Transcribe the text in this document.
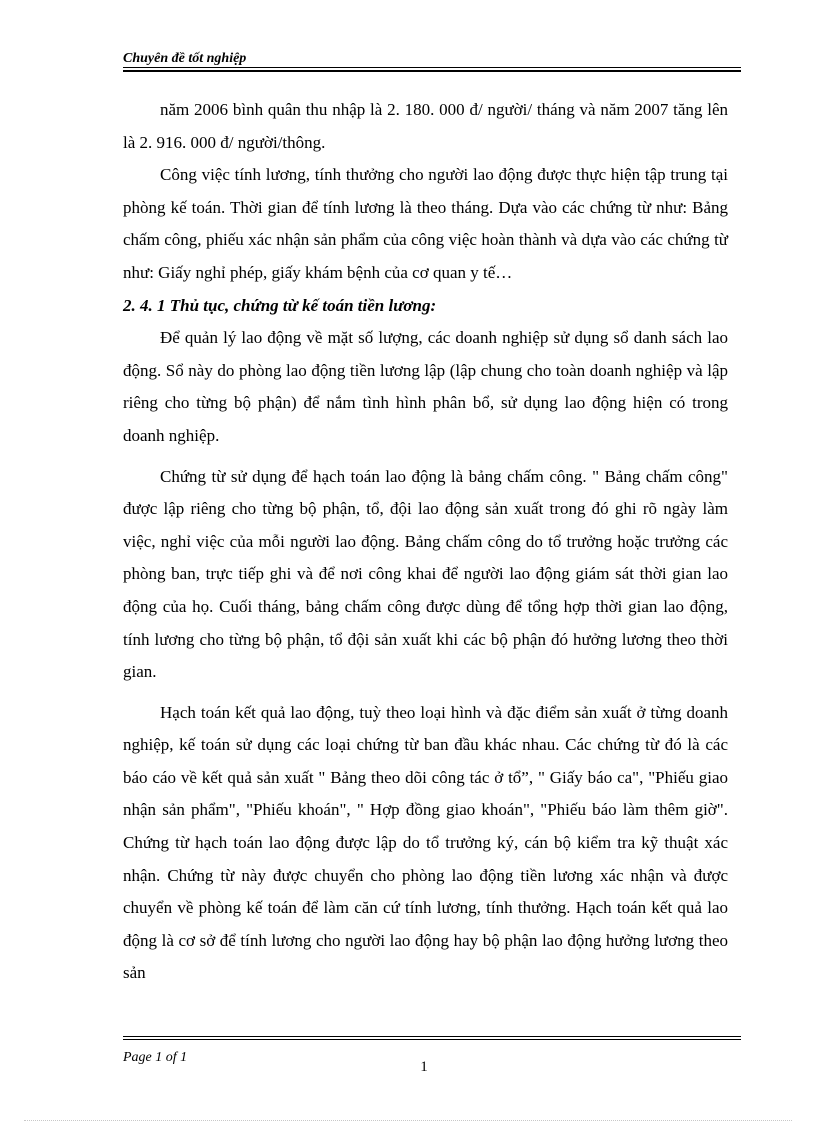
Chuyên đề tốt nghiệp

năm 2006 bình quân thu nhập là 2. 180. 000 đ/ người/ tháng và năm 2007 tăng lên là 2. 916. 000 đ/ người/thông.

Công việc tính lương, tính thưởng cho người lao động được thực hiện tập trung tại phòng kế toán. Thời gian để tính lương là theo tháng. Dựa vào các chứng từ như: Bảng chấm công, phiếu xác nhận sản phẩm của công việc hoàn thành và dựa vào các chứng từ như: Giấy nghỉ phép, giấy khám bệnh của cơ quan y tế…

2. 4. 1 Thủ tục, chứng từ kế toán tiền lương:

Để quản lý lao động về mặt số lượng, các doanh nghiệp sử dụng sổ danh sách lao động. Sổ này do phòng lao động tiền lương lập (lập chung cho toàn doanh nghiệp và lập riêng cho từng bộ phận) để nắm tình hình phân bổ, sử dụng lao động hiện có trong doanh nghiệp.

Chứng từ sử dụng để hạch toán lao động là bảng chấm công. " Bảng chấm công" được lập riêng cho từng bộ phận, tổ, đội lao động sản xuất trong đó ghi rõ ngày làm việc, nghỉ việc của mỗi người lao động. Bảng chấm công do tổ trưởng hoặc trưởng các phòng ban, trực tiếp ghi và để nơi công khai để người lao động giám sát thời gian lao động của họ. Cuối tháng, bảng chấm công được dùng để tổng hợp thời gian lao động, tính lương cho từng bộ phận, tổ đội sản xuất khi các bộ phận đó hưởng lương theo thời gian.

Hạch toán kết quả lao động, tuỳ theo loại hình và đặc điểm sản xuất ở từng doanh nghiệp, kế toán sử dụng các loại chứng từ ban đầu khác nhau. Các chứng từ đó là các báo cáo về kết quả sản xuất " Bảng theo dõi công tác ở tổ”, " Giấy báo ca", "Phiếu giao nhận sản phẩm", "Phiếu khoán", " Hợp đồng giao khoán", "Phiếu báo làm thêm giờ". Chứng từ hạch toán lao động được lập do tổ trưởng ký, cán bộ kiểm tra kỹ thuật xác nhận. Chứng từ này được chuyển cho phòng lao động tiền lương xác nhận và được chuyển về phòng kế toán để làm căn cứ tính lương, tính thưởng. Hạch toán kết quả lao động là cơ sở để tính lương cho người lao động hay bộ phận lao động hưởng lương theo sản

Page 1 of 1
1
